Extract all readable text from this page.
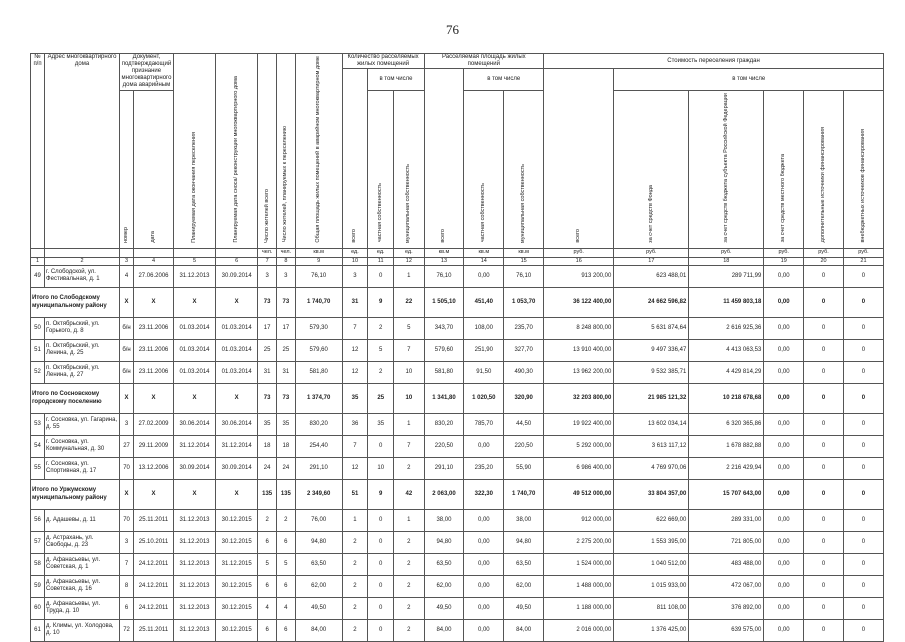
76
№ п/п	Адрес многоквартирного дома	Документ, подтверждающий признание многоквартирного дома аварийным		Планируемая дата окончания переселения	Планируемая дата сноса/ реконструкции многоквартирного дома	Число жителей всего	Число жителей, планируемых к переселению	Общая площадь жилых помещений в аварийном многоквартирном доме	Количество расселяемых жилых помещений			Расселяемая площадь жилых помещений			Стоимость переселения граждан					
									всего	в том числе		всего	в том числе		всего	в том числе				
		номер	дата							частная собственность	муниципальная собственность		частная собственность	муниципальная собственность		за счет средств Фонда	за счет средств бюджета субъекта Российской Федерации	за счет средств местного бюджета	дополнительные источники финансирования	внебюджетных источников финансирования
						чел.	чел.	кв.м	ед.	ед.	ед.	кв.м	кв.м	кв.м	руб.	руб.	руб.	руб.	руб.	руб.
1	2	3	4	5	6	7	8	9	10	11	12	13	14	15	16	17	18	19	20	21
49	г. Слободской, ул. Фестивальная, д. 1	4	27.06.2006	31.12.2013	30.09.2014	3	3	76,10	3	0	1	76,10	0,00	76,10	913 200,00	623 488,01	289 711,99	0,00	0	0
Итого по Слободскому муниципальному району		X	X	X	X	73	73	1 740,70	31	9	22	1 505,10	451,40	1 053,70	36 122 400,00	24 662 596,82	11 459 803,18	0,00	0	0
50	п. Октябрьский, ул. Горького, д. 8	б/н	23.11.2006	01.03.2014	01.03.2014	17	17	579,30	7	2	5	343,70	108,00	235,70	8 248 800,00	5 631 874,64	2 616 925,36	0,00	0	0
51	п. Октябрьский, ул. Ленина, д. 25	б/н	23.11.2006	01.03.2014	01.03.2014	25	25	579,60	12	5	7	579,60	251,90	327,70	13 910 400,00	9 497 336,47	4 413 063,53	0,00	0	0
52	п. Октябрьский, ул. Ленина, д. 27	б/н	23.11.2006	01.03.2014	01.03.2014	31	31	581,80	12	2	10	581,80	91,50	490,30	13 962 200,00	9 532 385,71	4 429 814,29	0,00	0	0
Итого по Сосновскому городскому поселению		X	X	X	X	73	73	1 374,70	35	25	10	1 341,80	1 020,50	320,90	32 203 800,00	21 985 121,32	10 218 678,68	0,00	0	0
53	г. Сосновка, ул. Гагарина, д. 55	3	27.02.2009	30.06.2014	30.06.2014	35	35	830,20	36	35	1	830,20	785,70	44,50	19 922 400,00	13 602 034,14	6 320 365,86	0,00	0	0
54	г. Сосновка, ул. Коммунальная, д. 30	27	29.11.2009	31.12.2014	31.12.2014	18	18	254,40	7	0	7	220,50	0,00	220,50	5 292 000,00	3 613 117,12	1 678 882,88	0,00	0	0
55	г. Сосновка, ул. Спортивная, д. 17	70	13.12.2006	30.09.2014	30.09.2014	24	24	291,10	12	10	2	291,10	235,20	55,90	6 986 400,00	4 769 970,06	2 216 429,94	0,00	0	0
Итого по Уржумскому муниципальному району		X	X	X	X	135	135	2 349,60	51	9	42	2 063,00	322,30	1 740,70	49 512 000,00	33 804 357,00	15 707 643,00	0,00	0	0
56	д. Адашевы, д. 11	70	25.11.2011	31.12.2013	30.12.2015	2	2	76,00	1	0	1	38,00	0,00	38,00	912 000,00	622 669,00	289 331,00	0,00	0	0
57	д. Астрахань, ул. Свободы, д. 23	3	25.10.2011	31.12.2013	30.12.2015	6	6	94,80	2	0	2	94,80	0,00	94,80	2 275 200,00	1 553 395,00	721 805,00	0,00	0	0
58	д. Афанасьевы, ул. Советская, д. 1	7	24.12.2011	31.12.2013	31.12.2015	5	5	63,50	2	0	2	63,50	0,00	63,50	1 524 000,00	1 040 512,00	483 488,00	0,00	0	0
59	д. Афанасьевы, ул. Советская, д. 16	8	24.12.2011	31.12.2013	30.12.2015	6	6	62,00	2	0	2	62,00	0,00	62,00	1 488 000,00	1 015 933,00	472 067,00	0,00	0	0
60	д. Афанасьевы, ул. Труда, д. 10	6	24.12.2011	31.12.2013	30.12.2015	4	4	49,50	2	0	2	49,50	0,00	49,50	1 188 000,00	811 108,00	376 892,00	0,00	0	0
61	д. Климы, ул. Холодова, д. 10	72	25.11.2011	31.12.2013	30.12.2015	6	6	84,00	2	0	2	84,00	0,00	84,00	2 016 000,00	1 376 425,00	639 575,00	0,00	0	0
